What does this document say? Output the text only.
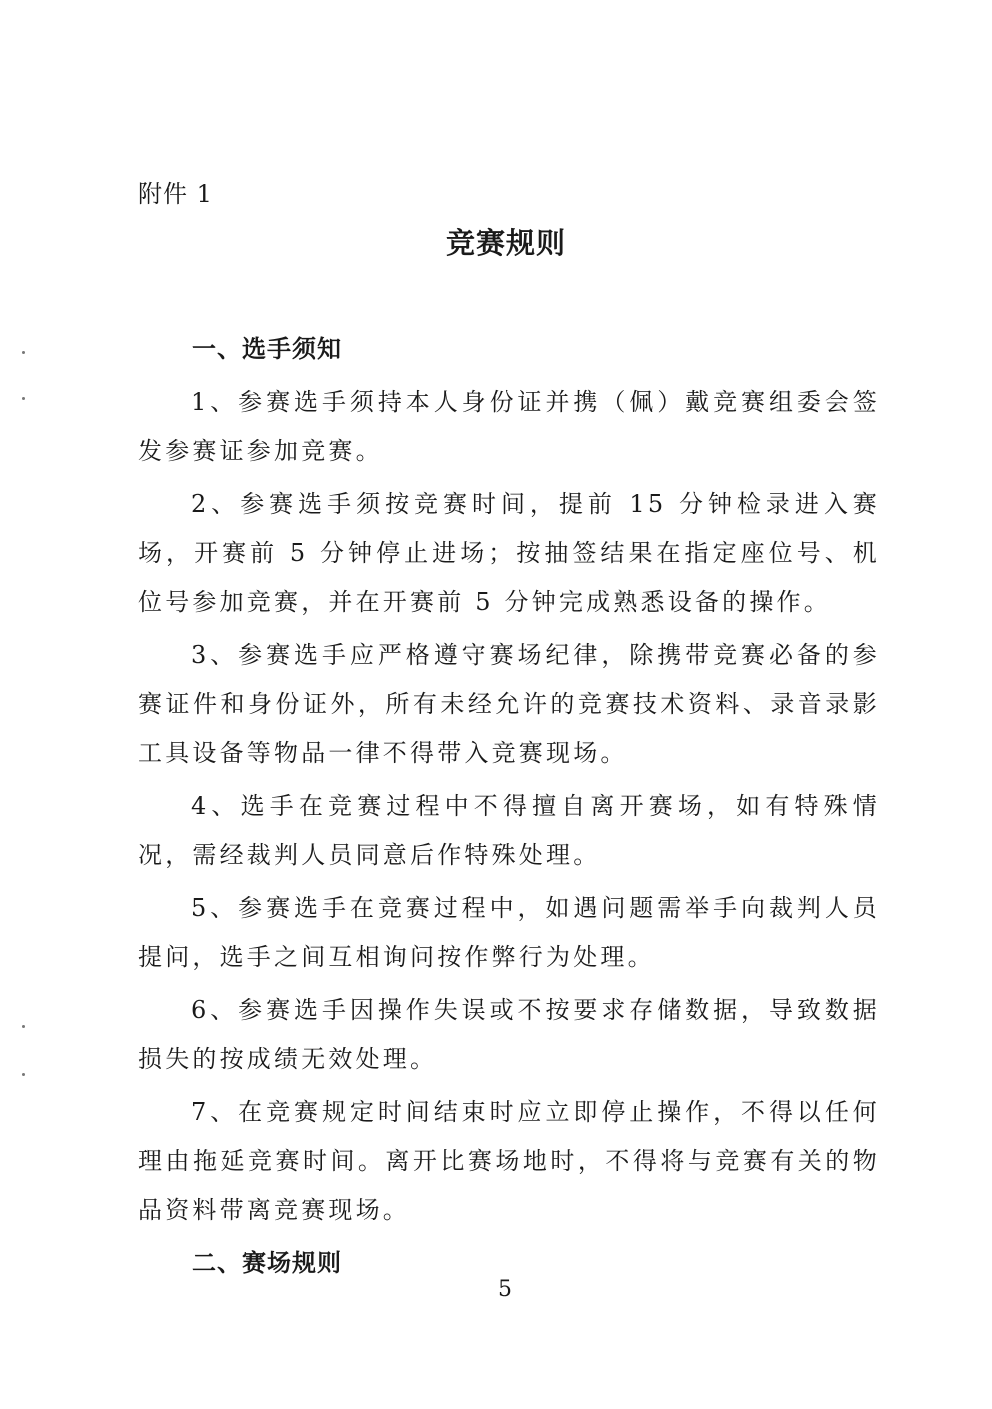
附件 1
竞赛规则
一、选手须知

1、参赛选手须持本人身份证并携（佩）戴竞赛组委会签发参赛证参加竞赛。

2、参赛选手须按竞赛时间，提前 15 分钟检录进入赛场，开赛前 5 分钟停止进场；按抽签结果在指定座位号、机位号参加竞赛，并在开赛前 5 分钟完成熟悉设备的操作。

3、参赛选手应严格遵守赛场纪律，除携带竞赛必备的参赛证件和身份证外，所有未经允许的竞赛技术资料、录音录影工具设备等物品一律不得带入竞赛现场。

4、选手在竞赛过程中不得擅自离开赛场，如有特殊情况，需经裁判人员同意后作特殊处理。

5、参赛选手在竞赛过程中，如遇问题需举手向裁判人员提问，选手之间互相询问按作弊行为处理。

6、参赛选手因操作失误或不按要求存储数据，导致数据损失的按成绩无效处理。

7、在竞赛规定时间结束时应立即停止操作，不得以任何理由拖延竞赛时间。离开比赛场地时，不得将与竞赛有关的物品资料带离竞赛现场。

二、赛场规则
5
